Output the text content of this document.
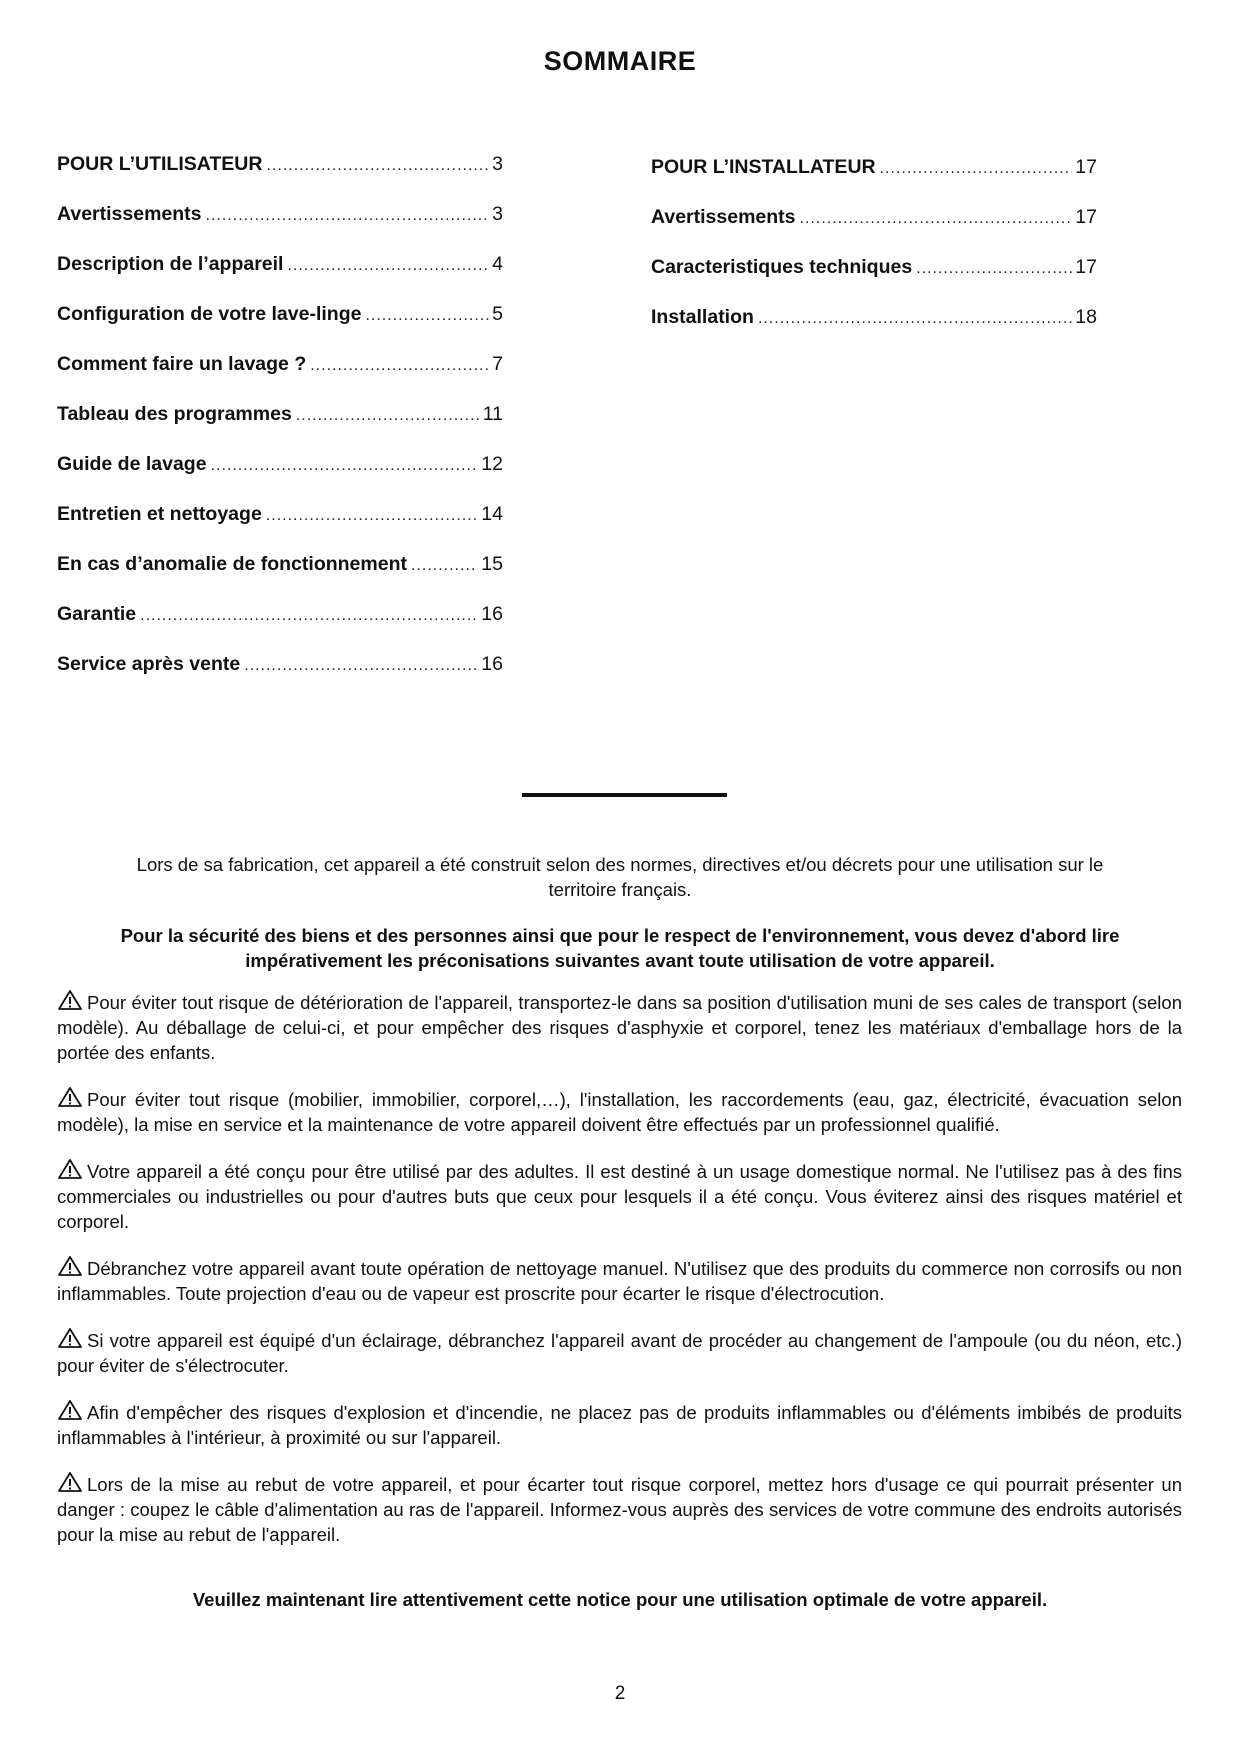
SOMMAIRE
POUR L’UTILISATEUR .....	3
Avertissements .....	3
Description de l’appareil .....	4
Configuration de votre lave-linge .....	5
Comment faire un lavage ? .....	7
Tableau des programmes .....	11
Guide de lavage .....	12
Entretien et nettoyage .....	14
En cas d’anomalie de fonctionnement .....	15
Garantie .....	16
Service après vente .....	16
POUR L’INSTALLATEUR .....	17
Avertissements .....	17
Caracteristiques techniques .....	17
Installation .....	18
Lors de sa fabrication, cet appareil a été construit selon des normes, directives et/ou décrets pour une utilisation sur le territoire français.
Pour la sécurité des biens et des personnes ainsi que pour le respect de l'environnement, vous devez d'abord lire impérativement les préconisations suivantes avant toute utilisation de votre appareil.

Pour éviter tout risque de détérioration de l'appareil, transportez-le dans sa position d'utilisation muni de ses cales de transport (selon modèle). Au déballage de celui-ci, et pour empêcher des risques d'asphyxie et corporel, tenez les matériaux d'emballage hors de la portée des enfants.

Pour éviter tout risque (mobilier, immobilier, corporel,…), l'installation, les raccordements (eau, gaz, électricité, évacuation selon modèle), la mise en service et la maintenance de votre appareil doivent être effectués par un professionnel qualifié.

Votre appareil a été conçu pour être utilisé par des adultes. Il est destiné à un usage domestique normal. Ne l'utilisez pas à des fins commerciales ou industrielles ou pour d'autres buts que ceux pour lesquels il a été conçu. Vous éviterez ainsi des risques matériel et corporel.

Débranchez votre appareil avant toute opération de nettoyage manuel. N'utilisez que des produits du commerce non corrosifs ou non inflammables. Toute projection d'eau ou de vapeur est proscrite pour écarter le risque d'électrocution.

Si votre appareil est équipé d'un éclairage, débranchez l'appareil avant de procéder au changement de l'ampoule (ou du néon, etc.) pour éviter de s'électrocuter.

Afin d'empêcher des risques d'explosion et d'incendie, ne placez pas de produits inflammables ou d'éléments imbibés de produits inflammables à l'intérieur, à proximité ou sur l'appareil.

Lors de la mise au rebut de votre appareil, et pour écarter tout risque corporel, mettez hors d'usage ce qui pourrait présenter un danger : coupez le câble d'alimentation au ras de l'appareil. Informez-vous auprès des services de votre commune des endroits autorisés pour la mise au rebut de l'appareil.

Veuillez maintenant lire attentivement cette notice pour une utilisation optimale de votre appareil.
2
